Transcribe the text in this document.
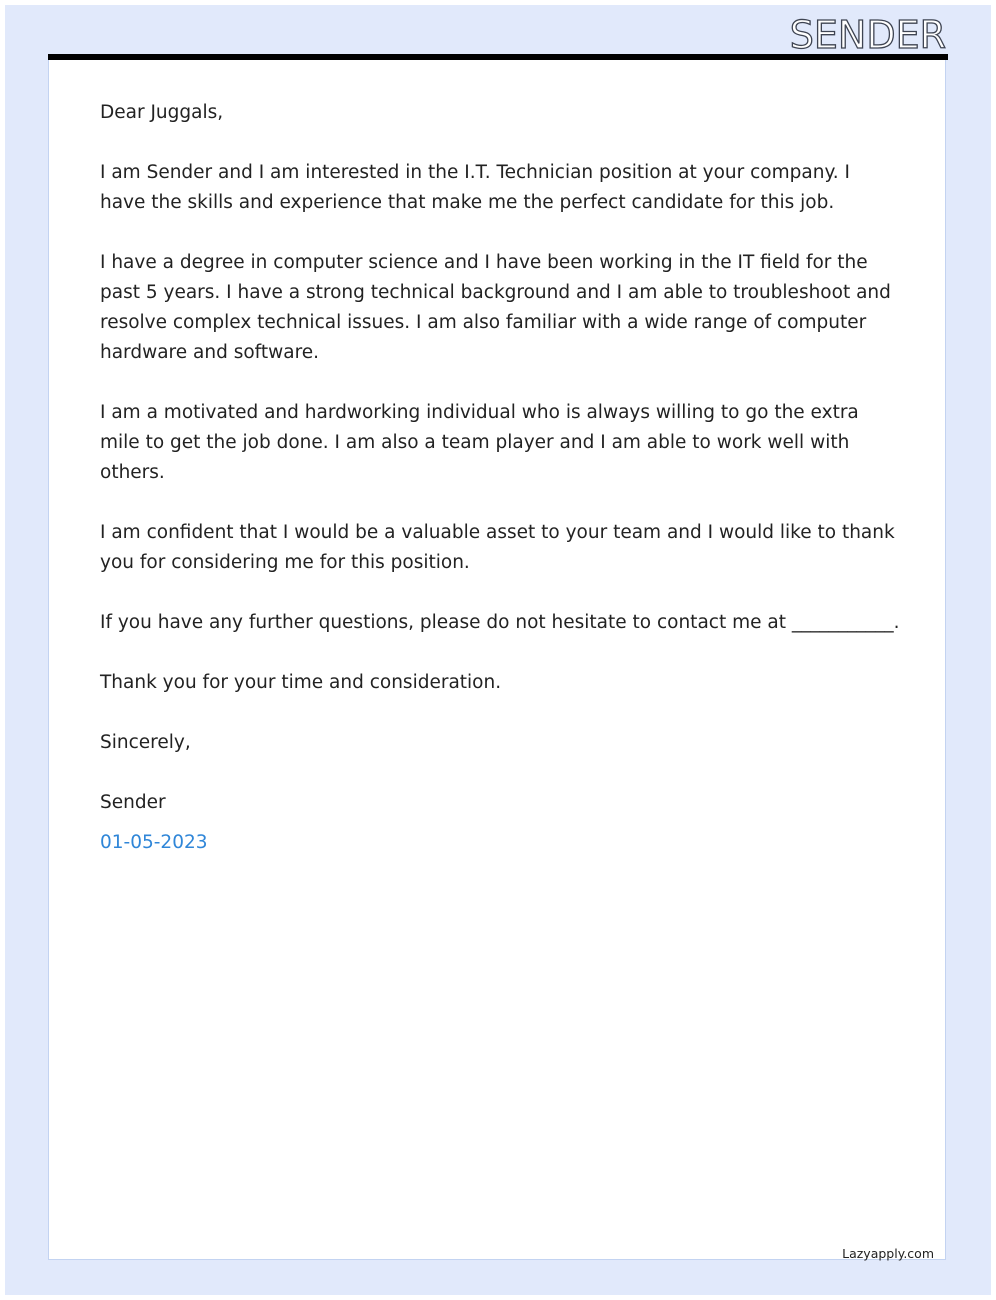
SENDER

Dear Juggals,

I am Sender and I am interested in the I.T. Technician position at your company. I have the skills and experience that make me the perfect candidate for this job.

I have a degree in computer science and I have been working in the IT field for the past 5 years. I have a strong technical background and I am able to troubleshoot and resolve complex technical issues. I am also familiar with a wide range of computer hardware and software.

I am a motivated and hardworking individual who is always willing to go the extra mile to get the job done. I am also a team player and I am able to work well with others.

I am confident that I would be a valuable asset to your team and I would like to thank you for considering me for this position.

If you have any further questions, please do not hesitate to contact me at ___________.

Thank you for your time and consideration.

Sincerely,

Sender

01-05-2023

Lazyapply.com
